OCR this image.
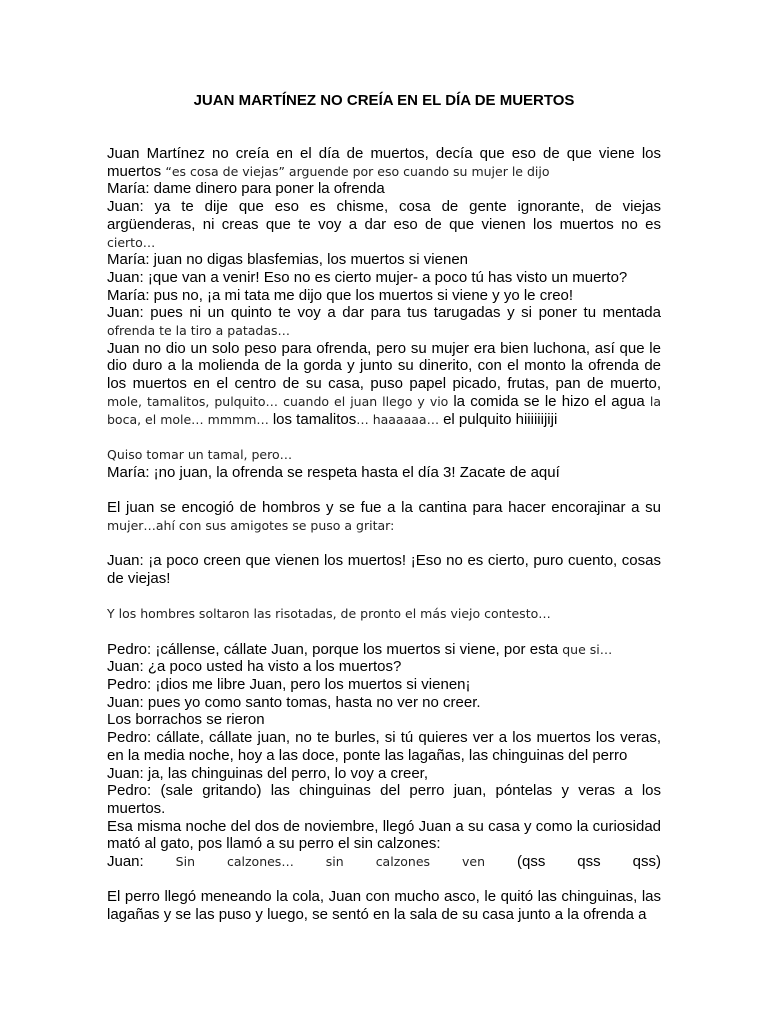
JUAN MARTÍNEZ NO CREÍA EN EL DÍA DE MUERTOS

Juan Martínez no creía en el día de muertos, decía que eso de que viene los muertos “es cosa de viejas” arguende por eso cuando su mujer le dijo

María: dame dinero para poner la ofrenda

Juan: ya te dije que eso es chisme, cosa de gente ignorante, de viejas argüenderas, ni creas que te voy a dar eso de que vienen los muertos no es cierto…

María: juan no digas blasfemias, los muertos si vienen

Juan: ¡que van a venir! Eso no es cierto mujer- a poco tú has visto un muerto?

María: pus no, ¡a mi tata me dijo que los muertos si viene y yo le creo!

Juan: pues ni un quinto te voy a dar para tus tarugadas y si poner tu mentada ofrenda te la tiro a patadas…

Juan no dio un solo peso para ofrenda, pero su mujer era bien luchona, así que le dio duro a la molienda de la gorda y junto su dinerito, con el monto la ofrenda de los muertos en el centro de su casa, puso papel picado, frutas, pan de muerto, mole, tamalitos, pulquito… cuando el juan llego y vio la comida se le hizo el agua la boca, el mole… mmmm… los tamalitos… haaaaaa… el pulquito hiiiiiijiji

Quiso tomar un tamal, pero…

María: ¡no juan, la ofrenda se respeta hasta el día 3! Zacate de aquí

El juan se encogió de hombros y se fue a la cantina para hacer encorajinar a su mujer…ahí con sus amigotes se puso a gritar:

Juan: ¡a poco creen que vienen los muertos! ¡Eso no es cierto, puro cuento, cosas de viejas!

Y los hombres soltaron las risotadas, de pronto el más viejo contesto…

Pedro: ¡cállense, cállate Juan, porque los muertos si viene, por esta que si…

Juan: ¿a poco usted ha visto a los muertos?

Pedro: ¡dios me libre Juan, pero los muertos si vienen¡

Juan: pues yo como santo tomas, hasta no ver no creer.

Los borrachos se rieron

Pedro: cállate, cállate juan, no te burles, si tú quieres ver a los muertos los veras, en la media noche, hoy a las doce, ponte las lagañas, las chinguinas del perro

Juan: ja, las chinguinas del perro, lo voy a creer,

Pedro: (sale gritando) las chinguinas del perro juan, póntelas y veras a los muertos.

Esa misma noche del dos de noviembre, llegó Juan a su casa y como la curiosidad mató al gato, pos llamó a su perro el sin calzones:

Juan:	Sin	calzones…	sin	calzones	ven (qss qss qss)

El perro llegó meneando la cola, Juan con mucho asco, le quitó las chinguinas, las lagañas y se las puso y luego, se sentó en la sala de su casa junto a la ofrenda a
